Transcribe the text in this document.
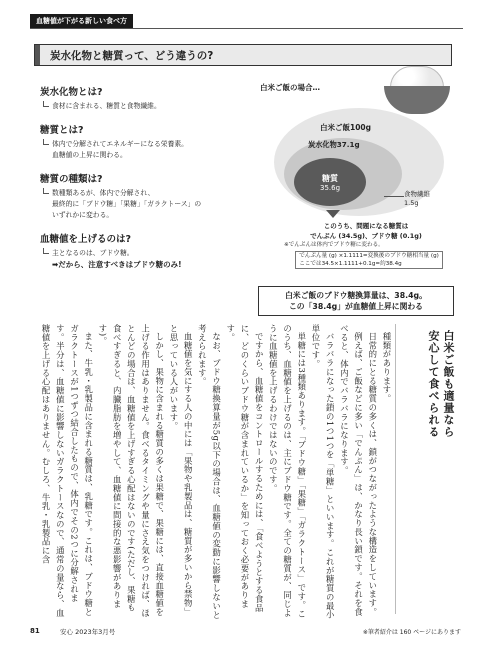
血糖値が下がる新しい食べ方
炭水化物と糖質って、どう違うの?
炭水化物とは?
食材に含まれる、糖質と食物繊維。
糖質とは?
体内で分解されてエネルギーになる栄養素。
血糖値の上昇に関わる。
糖質の種類は?
数種類あるが、体内で分解され、
最終的に「ブドウ糖」「果糖」「ガラクトース」の
いずれかに変わる。
血糖値を上げるのは?
主となるのは、ブドウ糖。
➡だから、注意すべきはブドウ糖のみ!
糖質
35.6g
白米ご飯の場合…
白米ご飯100g
炭水化物37.1g
食物繊維
1.5g
このうち、問題になる糖質は
でんぷん (34.5g)、ブドウ糖 (0.1g)
※でんぷんは体内でブドウ糖に変わる。
でんぷん量 (g) ×1.1111=変換後のブドウ糖相当量 (g)
ここでは34.5×1.1111+0.1g=約38.4g
白米ご飯のブドウ糖換算量は、38.4g。
この「38.4g」が血糖値上昇に関わる
白米ご飯も適量なら
安心して食べられる

種類があります。

日常的にとる糖質の多くは、鎖がつながったような構造をしています。

例えば、ご飯などに多い「でんぷん」は、かなり長い鎖です。それを食べると、体内でバラバラになります。

バラバラになった鎖の1つ1つを「単糖」といいます。これが糖質の最小単位です。

単糖には3種類あります。「ブドウ糖」「果糖」「ガラクトース」です。このうち、血糖値を上げるのは、主にブドウ糖です。全ての糖質が、同じように血糖値を上げるわけではないのです。

ですから、血糖値をコントロールするためには、「食べようとする食品に、どのくらいブドウ糖が含まれているか」を知っておく必要があります。

なお、ブドウ糖換算量が5g以下の場合は、血糖値の変動に影響しないと考えられます。

血糖値を気にする人の中には「果物や乳製品は、糖質が多いから禁物」と思っている人がいます。

しかし、果物に含まれる糖質の多くは果糖で、果糖には、直接血糖値を上げる作用はありません。食べるタイミングや量にさえ気をつければ、ほとんどの場合は、血糖値を上げすぎる心配はないのです(ただし、果糖も食べすぎると、内臓脂肪を増やして、血糖値に間接的な悪影響があります)。

また、牛乳・乳製品に含まれる糖質は、乳糖です。これは、ブドウ糖とガラクトースが1つずつ結合したもので、体内でその2つに分解されます。半分は、血糖値に影響しないガラクトースなので、通常の量なら、血糖値を上げる心配はありません。むしろ、牛乳・乳製品に含

81	安心 2023年3月号	※筆者紹介は 160 ページにあります
